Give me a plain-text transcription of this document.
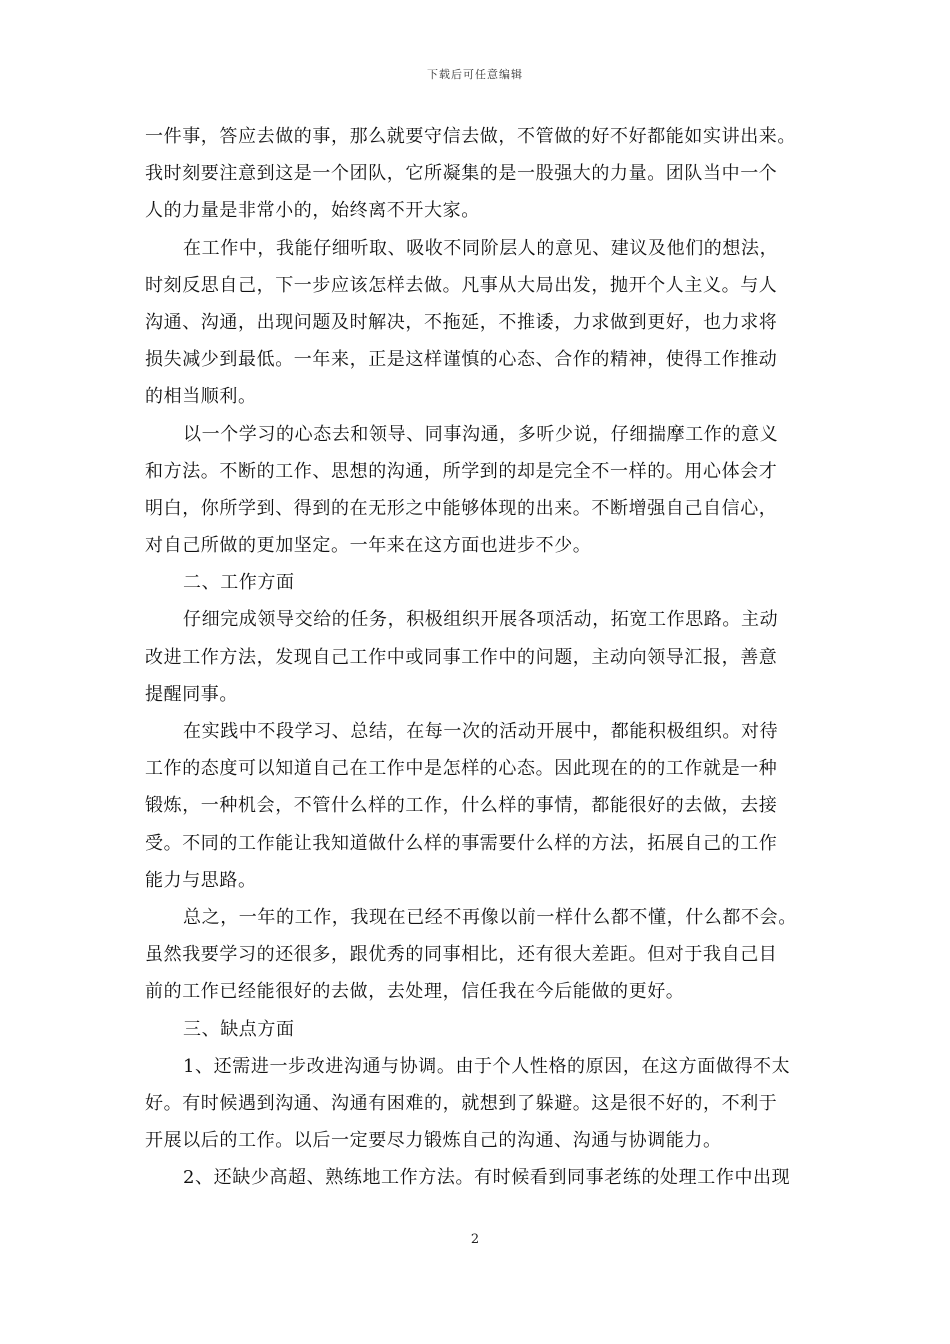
下载后可任意编辑
一件事，答应去做的事，那么就要守信去做，不管做的好不好都能如实讲出来。
我时刻要注意到这是一个团队，它所凝集的是一股强大的力量。团队当中一个
人的力量是非常小的，始终离不开大家。
在工作中，我能仔细听取、吸收不同阶层人的意见、建议及他们的想法，
时刻反思自己，下一步应该怎样去做。凡事从大局出发，抛开个人主义。与人
沟通、沟通，出现问题及时解决，不拖延，不推诿，力求做到更好，也力求将
损失减少到最低。一年来，正是这样谨慎的心态、合作的精神，使得工作推动
的相当顺利。
以一个学习的心态去和领导、同事沟通，多听少说，仔细揣摩工作的意义
和方法。不断的工作、思想的沟通，所学到的却是完全不一样的。用心体会才
明白，你所学到、得到的在无形之中能够体现的出来。不断增强自己自信心，
对自己所做的更加坚定。一年来在这方面也进步不少。
二、工作方面
仔细完成领导交给的任务，积极组织开展各项活动，拓宽工作思路。主动
改进工作方法，发现自己工作中或同事工作中的问题，主动向领导汇报，善意
提醒同事。
在实践中不段学习、总结，在每一次的活动开展中，都能积极组织。对待
工作的态度可以知道自己在工作中是怎样的心态。因此现在的的工作就是一种
锻炼，一种机会，不管什么样的工作，什么样的事情，都能很好的去做，去接
受。不同的工作能让我知道做什么样的事需要什么样的方法，拓展自己的工作
能力与思路。
总之，一年的工作，我现在已经不再像以前一样什么都不懂，什么都不会。
虽然我要学习的还很多，跟优秀的同事相比，还有很大差距。但对于我自己目
前的工作已经能很好的去做，去处理，信任我在今后能做的更好。
三、缺点方面
1、还需进一步改进沟通与协调。由于个人性格的原因，在这方面做得不太
好。有时候遇到沟通、沟通有困难的，就想到了躲避。这是很不好的，不利于
开展以后的工作。以后一定要尽力锻炼自己的沟通、沟通与协调能力。
2、还缺少高超、熟练地工作方法。有时候看到同事老练的处理工作中出现
2
